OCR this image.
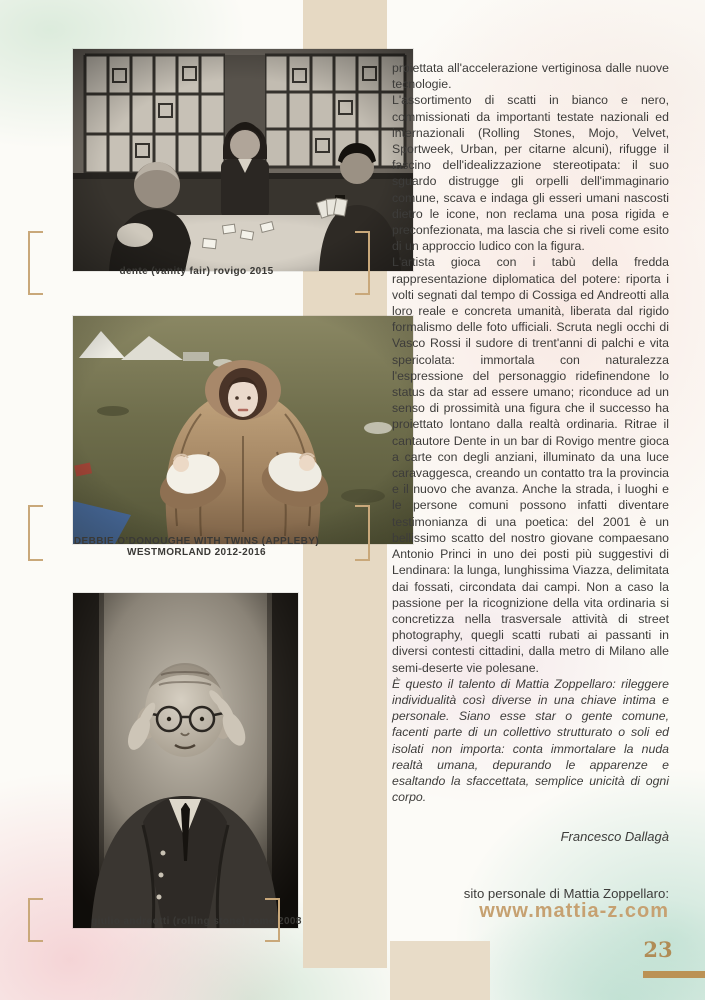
dente (vanity fair) rovigo 2015
DEBBIE O’DONOUGHE WITH TWINS (APPLEBY) WESTMORLAND 2012-2016
giulio andreotti (rolling stone) rome 2008

proiettata all'accelerazione vertiginosa dalle nuove tecnologie.

L'assortimento di scatti in bianco e nero, commissionati da importanti testate nazionali ed internazionali (Rolling Stones, Mojo, Velvet, Sportweek, Urban, per citarne alcuni), rifugge il fascino dell'idealizzazione stereotipata: il suo sguardo distrugge gli orpelli dell'immaginario comune, scava e indaga gli esseri umani nascosti dietro le icone, non reclama una posa rigida e preconfezionata, ma lascia che si riveli come esito di un approccio ludico con la figura.

L'artista gioca con i tabù della fredda rappresentazione diplomatica del potere: riporta i volti segnati dal tempo di Cossiga ed Andreotti alla loro reale e concreta umanità, liberata dal rigido formalismo delle foto ufficiali. Scruta negli occhi di Vasco Rossi il sudore di trent'anni di palchi e vita spericolata: immortala con naturalezza l'espressione del personaggio ridefinendone lo status da star ad essere umano; riconduce ad un senso di prossimità una figura che il successo ha proiettato lontano dalla realtà ordinaria. Ritrae il cantautore Dente in un bar di Rovigo mentre gioca a carte con degli anziani, illuminato da una luce caravaggesca, creando un contatto tra la provincia e il nuovo che avanza. Anche la strada, i luoghi e le persone comuni possono infatti diventare testimonianza di una poetica: del 2001 è un bellissimo scatto del nostro giovane compaesano Antonio Princi in uno dei posti più suggestivi di Lendinara: la lunga, lunghissima Viazza, delimitata dai fossati, circondata dai campi. Non a caso la passione per la ricognizione della vita ordinaria si concretizza nella trasversale attività di street photography, quegli scatti rubati ai passanti in diversi contesti cittadini, dalla metro di Milano alle semi-deserte vie polesane.

È questo il talento di Mattia Zoppellaro: rileggere individualità così diverse in una chiave intima e personale. Siano esse star o gente comune, facenti parte di un collettivo strutturato o soli ed isolati non importa: conta immortalare la nuda realtà umana, depurando le apparenze e esaltando la sfaccettata, semplice unicità di ogni corpo.

Francesco Dallagà
sito personale di Mattia Zoppellaro:
www.mattia-z.com
23
